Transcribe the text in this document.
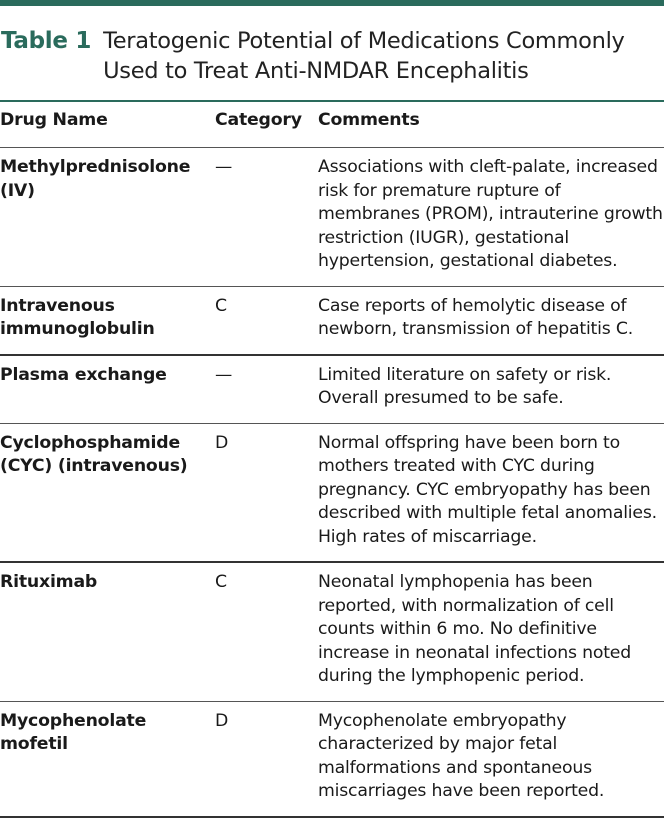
Table 1 Teratogenic Potential of Medications Commonly Used to Treat Anti-NMDAR Encephalitis
Drug Name	Category	Comments
Methylprednisolone (IV)	—	Associations with cleft-palate, increased risk for premature rupture of membranes (PROM), intrauterine growth restriction (IUGR), gestational hypertension, gestational diabetes.
Intravenous immunoglobulin	C	Case reports of hemolytic disease of newborn, transmission of hepatitis C.
Plasma exchange	—	Limited literature on safety or risk. Overall presumed to be safe.
Cyclophosphamide (CYC) (intravenous)	D	Normal offspring have been born to mothers treated with CYC during pregnancy. CYC embryopathy has been described with multiple fetal anomalies. High rates of miscarriage.
Rituximab	C	Neonatal lymphopenia has been reported, with normalization of cell counts within 6 mo. No definitive increase in neonatal infections noted during the lymphopenic period.
Mycophenolate mofetil	D	Mycophenolate embryopathy characterized by major fetal malformations and spontaneous miscarriages have been reported.
